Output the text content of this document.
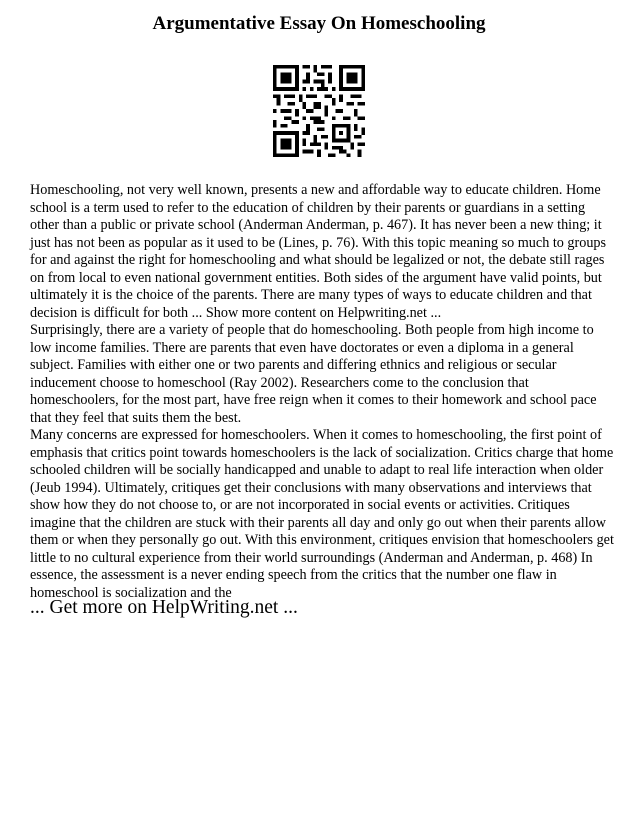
Argumentative Essay On Homeschooling

Homeschooling, not very well known, presents a new and affordable way to educate children. Home school is a term used to refer to the education of children by their parents or guardians in a setting other than a public or private school (Anderman Anderman, p. 467). It has never been a new thing; it just has not been as popular as it used to be (Lines, p. 76). With this topic meaning so much to groups for and against the right for homeschooling and what should be legalized or not, the debate still rages on from local to even national government entities. Both sides of the argument have valid points, but ultimately it is the choice of the parents. There are many types of ways to educate children and that decision is difficult for both ... Show more content on Helpwriting.net ...

Surprisingly, there are a variety of people that do homeschooling. Both people from high income to low income families. There are parents that even have doctorates or even a diploma in a general subject. Families with either one or two parents and differing ethnics and religious or secular inducement choose to homeschool (Ray 2002). Researchers come to the conclusion that homeschoolers, for the most part, have free reign when it comes to their homework and school pace that they feel that suits them the best.

Many concerns are expressed for homeschoolers. When it comes to homeschooling, the first point of emphasis that critics point towards homeschoolers is the lack of socialization. Critics charge that home schooled children will be socially handicapped and unable to adapt to real life interaction when older (Jeub 1994). Ultimately, critiques get their conclusions with many observations and interviews that show how they do not choose to, or are not incorporated in social events or activities. Critiques imagine that the children are stuck with their parents all day and only go out when their parents allow them or when they personally go out. With this environment, critiques envision that homeschoolers get little to no cultural experience from their world surroundings (Anderman and Anderman, p. 468) In essence, the assessment is a never ending speech from the critics that the number one flaw in homeschool is socialization and the

... Get more on HelpWriting.net ...
